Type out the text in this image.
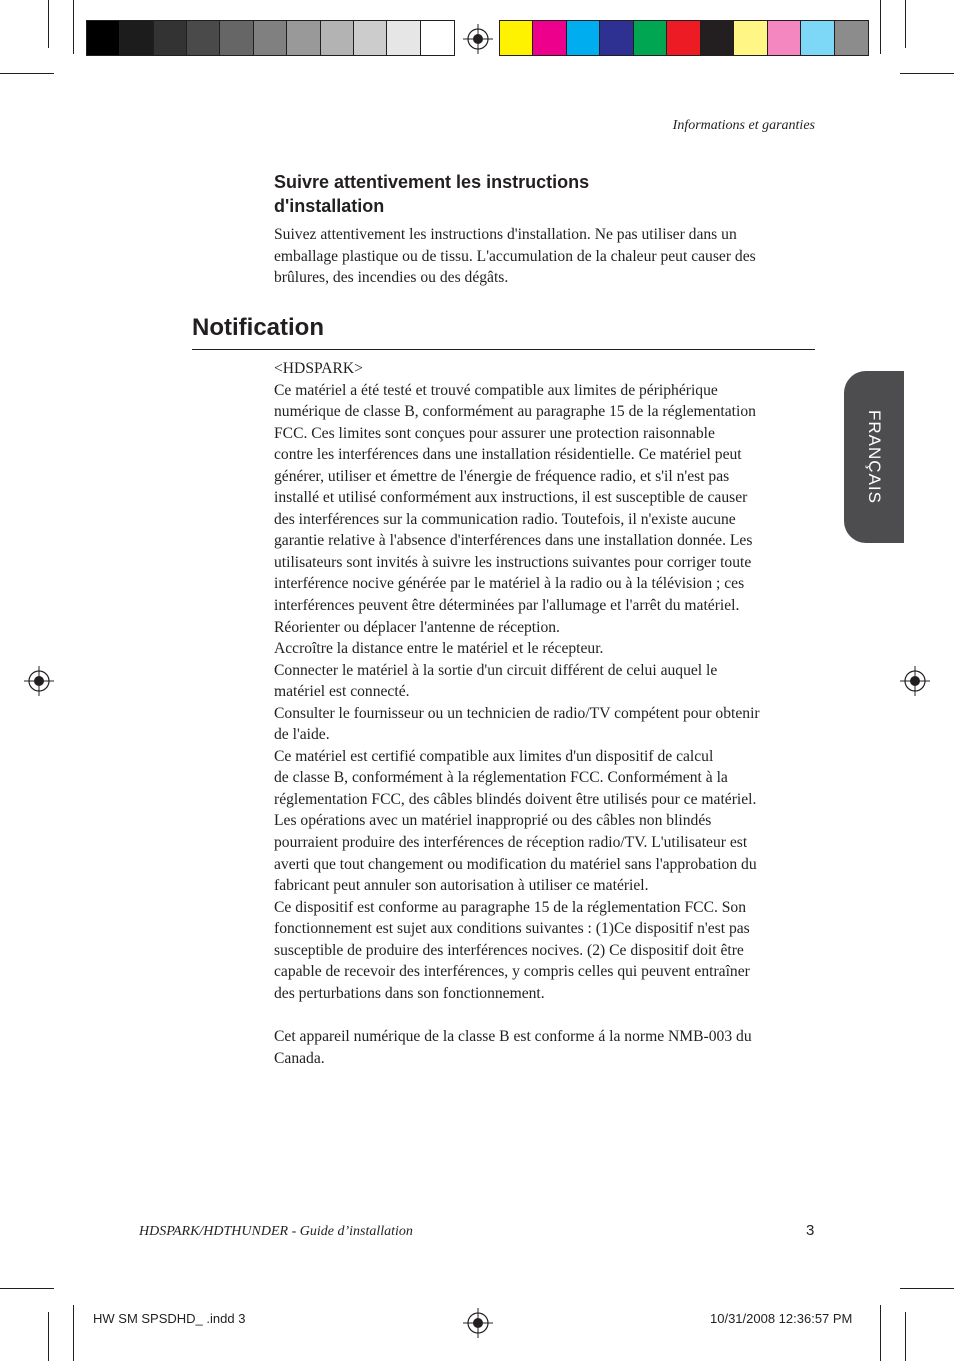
Informations et garanties
Suivre attentivement les instructions
d'installation
Suivez attentivement les instructions d'installation. Ne pas utiliser dans un
emballage plastique ou de tissu. L'accumulation de la chaleur peut causer des
brûlures, des incendies ou des dégâts.
Notification
<HDSPARK>
Ce matériel a été testé et trouvé compatible aux limites de périphérique
numérique de classe B, conformément au paragraphe 15 de la réglementation
FCC. Ces limites sont conçues pour assurer une protection raisonnable
contre les interférences dans une installation résidentielle. Ce matériel peut
générer, utiliser et émettre de l'énergie de fréquence radio, et s'il n'est pas
installé et utilisé conformément aux instructions, il est susceptible de causer
des interférences sur la communication radio. Toutefois, il n'existe aucune
garantie relative à l'absence d'interférences dans une installation donnée. Les
utilisateurs sont invités à suivre les instructions suivantes pour corriger toute
interférence nocive générée par le matériel à la radio ou à la télévision ; ces
interférences peuvent être déterminées par l'allumage et l'arrêt du matériel.
Réorienter ou déplacer l'antenne de réception.
Accroître la distance entre le matériel et le récepteur.
Connecter le matériel à la sortie d'un circuit différent de celui auquel le
matériel est connecté.
Consulter le fournisseur ou un technicien de radio/TV compétent pour obtenir
de l'aide.
Ce matériel est certifié compatible aux limites d'un dispositif de calcul
de classe B, conformément à la réglementation FCC. Conformément à la
réglementation FCC, des câbles blindés doivent être utilisés pour ce matériel.
Les opérations avec un matériel inapproprié ou des câbles non blindés
pourraient produire des interférences de réception radio/TV. L'utilisateur est
averti que tout changement ou modification du matériel sans l'approbation du
fabricant peut annuler son autorisation à utiliser ce matériel.
Ce dispositif est conforme au paragraphe 15 de la réglementation FCC. Son
fonctionnement est sujet aux conditions suivantes : (1)Ce dispositif n'est pas
susceptible de produire des interférences nocives. (2) Ce dispositif doit être
capable de recevoir des interférences, y compris celles qui peuvent entraîner
des perturbations dans son fonctionnement.
Cet appareil numérique de la classe B est conforme á la norme NMB-003 du
Canada.
FRANÇAIS
HDSPARK/HDTHUNDER - Guide d’installation	3
HW SM SPSDHD_ .indd 3	10/31/2008 12:36:57 PM
